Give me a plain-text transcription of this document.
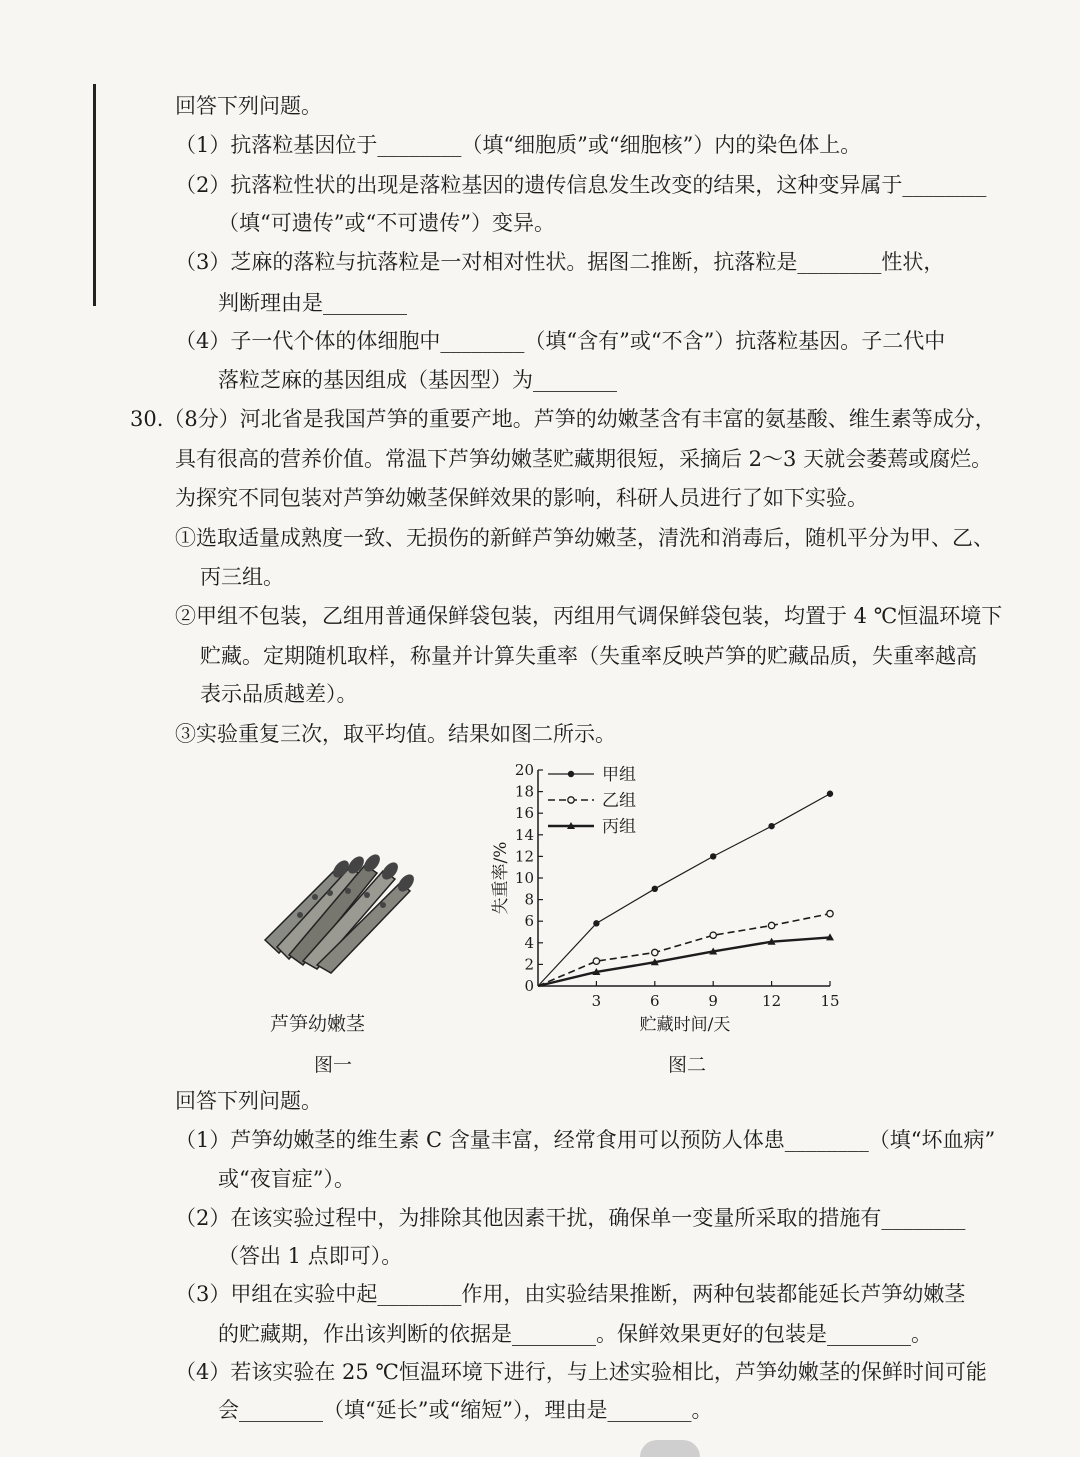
回答下列问题。
（1）抗落粒基因位于________（填“细胞质”或“细胞核”）内的染色体上。
（2）抗落粒性状的出现是落粒基因的遗传信息发生改变的结果，这种变异属于________
（填“可遗传”或“不可遗传”）变异。
（3）芝麻的落粒与抗落粒是一对相对性状。据图二推断，抗落粒是________性状，
判断理由是________
（4）子一代个体的体细胞中________（填“含有”或“不含”）抗落粒基因。子二代中
落粒芝麻的基因组成（基因型）为________
30.（8分）河北省是我国芦笋的重要产地。芦笋的幼嫩茎含有丰富的氨基酸、维生素等成分，
具有很高的营养价值。常温下芦笋幼嫩茎贮藏期很短，采摘后 2～3 天就会萎蔫或腐烂。
为探究不同包装对芦笋幼嫩茎保鲜效果的影响，科研人员进行了如下实验。
①选取适量成熟度一致、无损伤的新鲜芦笋幼嫩茎，清洗和消毒后，随机平分为甲、乙、
丙三组。
②甲组不包装，乙组用普通保鲜袋包装，丙组用气调保鲜袋包装，均置于 4 ℃恒温环境下
贮藏。定期随机取样，称量并计算失重率（失重率反映芦笋的贮藏品质，失重率越高
表示品质越差）。
③实验重复三次，取平均值。结果如图二所示。
芦笋幼嫩茎
图一
0
2
4
6
8
10
12
14
16
18
20
3	6	9	12	15
失重率/%
贮藏时间/天
甲组
乙组
丙组
图二
回答下列问题。
（1）芦笋幼嫩茎的维生素 C 含量丰富，经常食用可以预防人体患________（填“坏血病”
或“夜盲症”）。
（2）在该实验过程中，为排除其他因素干扰，确保单一变量所采取的措施有________
（答出 1 点即可）。
（3）甲组在实验中起________作用，由实验结果推断，两种包装都能延长芦笋幼嫩茎
的贮藏期，作出该判断的依据是________。保鲜效果更好的包装是________。
（4）若该实验在 25 ℃恒温环境下进行，与上述实验相比，芦笋幼嫩茎的保鲜时间可能
会________（填“延长”或“缩短”），理由是________。
